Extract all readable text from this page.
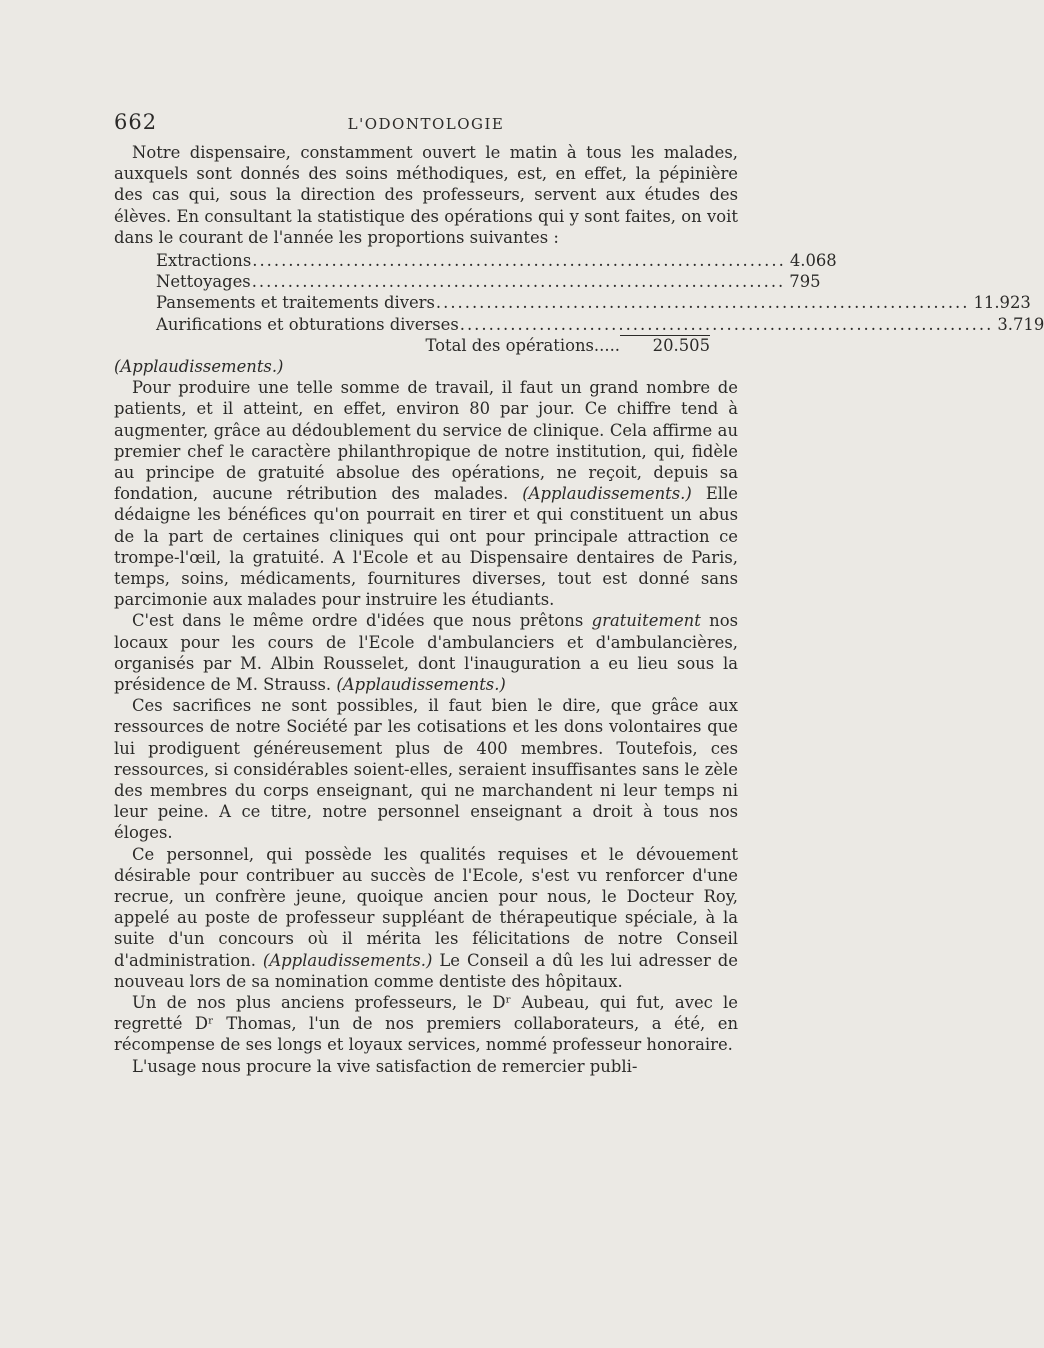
662	L'ODONTOLOGIE

Notre dispensaire, constamment ouvert le matin à tous les malades, auxquels sont donnés des soins méthodiques, est, en effet, la pépinière des cas qui, sous la direction des professeurs, servent aux études des élèves. En consultant la statistique des opérations qui y sont faites, on voit dans le courant de l'année les proportions suivantes :

Extractions .......................................................................... 4.068
Nettoyages .......................................................................... 795
Pansements et traitements divers .......................................................................... 11.923
Aurifications et obturations diverses .......................................................................... 3.719
Total des opérations.....	20.505
(Applaudissements.)

Pour produire une telle somme de travail, il faut un grand nombre de patients, et il atteint, en effet, environ 80 par jour. Ce chiffre tend à augmenter, grâce au dédoublement du service de clinique. Cela affirme au premier chef le caractère philanthropique de notre institution, qui, fidèle au principe de gratuité absolue des opérations, ne reçoit, depuis sa fondation, aucune rétribution des malades. (Applaudissements.) Elle dédaigne les bénéfices qu'on pourrait en tirer et qui constituent un abus de la part de certaines cliniques qui ont pour principale attraction ce trompe-l'œil, la gratuité. A l'Ecole et au Dispensaire dentaires de Paris, temps, soins, médicaments, fournitures diverses, tout est donné sans parcimonie aux malades pour instruire les étudiants.

C'est dans le même ordre d'idées que nous prêtons gratuitement nos locaux pour les cours de l'Ecole d'ambulanciers et d'ambulancières, organisés par M. Albin Rousselet, dont l'inauguration a eu lieu sous la présidence de M. Strauss. (Applaudissements.)

Ces sacrifices ne sont possibles, il faut bien le dire, que grâce aux ressources de notre Société par les cotisations et les dons volontaires que lui prodiguent généreusement plus de 400 membres. Toutefois, ces ressources, si considérables soient-elles, seraient insuffisantes sans le zèle des membres du corps enseignant, qui ne marchandent ni leur temps ni leur peine. A ce titre, notre personnel enseignant a droit à tous nos éloges.

Ce personnel, qui possède les qualités requises et le dévouement désirable pour contribuer au succès de l'Ecole, s'est vu renforcer d'une recrue, un confrère jeune, quoique ancien pour nous, le Docteur Roy, appelé au poste de professeur suppléant de thérapeutique spéciale, à la suite d'un concours où il mérita les félicitations de notre Conseil d'administration. (Applaudissements.) Le Conseil a dû les lui adresser de nouveau lors de sa nomination comme dentiste des hôpitaux.

Un de nos plus anciens professeurs, le Dʳ Aubeau, qui fut, avec le regretté Dʳ Thomas, l'un de nos premiers collaborateurs, a été, en récompense de ses longs et loyaux services, nommé professeur honoraire.

L'usage nous procure la vive satisfaction de remercier publi-
